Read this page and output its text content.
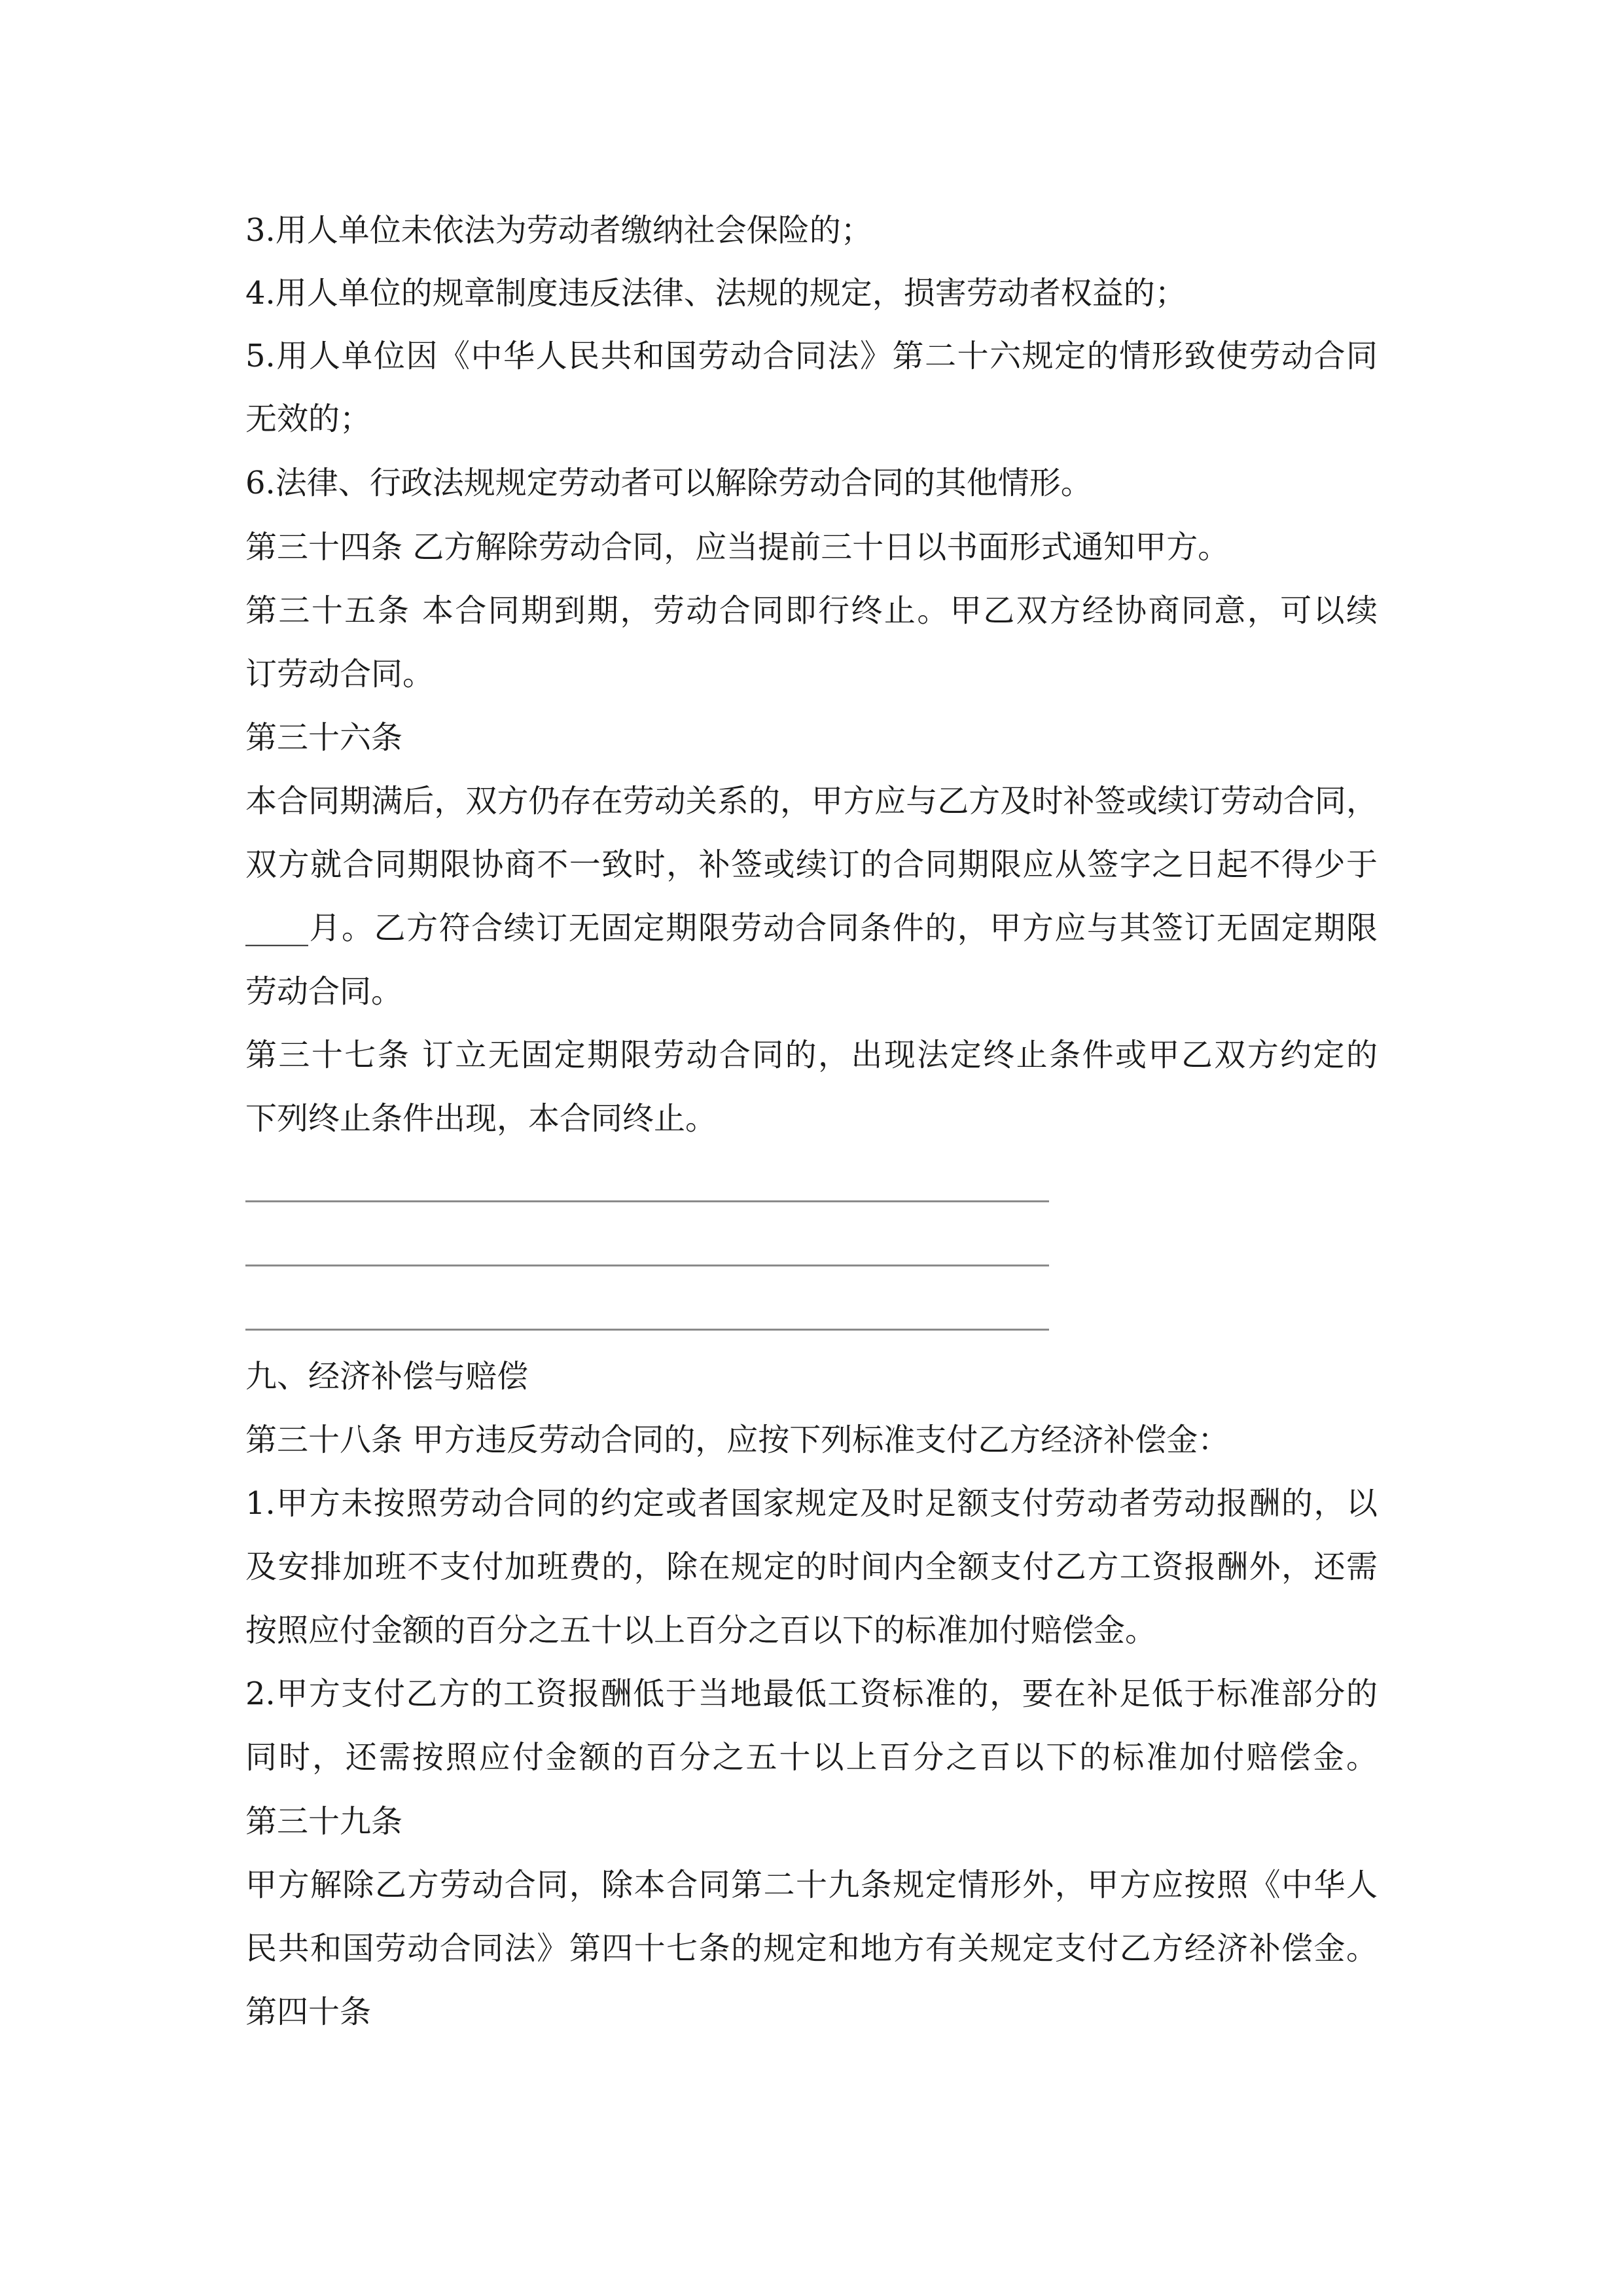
3.用人单位未依法为劳动者缴纳社会保险的；
4.用人单位的规章制度违反法律、法规的规定，损害劳动者权益的；
5.用人单位因《中华人民共和国劳动合同法》第二十六规定的情形致使劳动合同
无效的；
6.法律、行政法规规定劳动者可以解除劳动合同的其他情形。
第三十四条 乙方解除劳动合同，应当提前三十日以书面形式通知甲方。
第三十五条 本合同期到期，劳动合同即行终止。甲乙双方经协商同意，可以续
订劳动合同。
第三十六条
本合同期满后，双方仍存在劳动关系的，甲方应与乙方及时补签或续订劳动合同，
双方就合同期限协商不一致时，补签或续订的合同期限应从签字之日起不得少于
____月。乙方符合续订无固定期限劳动合同条件的，甲方应与其签订无固定期限
劳动合同。
第三十七条 订立无固定期限劳动合同的，出现法定终止条件或甲乙双方约定的
下列终止条件出现，本合同终止。
九、经济补偿与赔偿
第三十八条 甲方违反劳动合同的，应按下列标准支付乙方经济补偿金：
1.甲方未按照劳动合同的约定或者国家规定及时足额支付劳动者劳动报酬的，以
及安排加班不支付加班费的，除在规定的时间内全额支付乙方工资报酬外，还需
按照应付金额的百分之五十以上百分之百以下的标准加付赔偿金。
2.甲方支付乙方的工资报酬低于当地最低工资标准的，要在补足低于标准部分的
同时，还需按照应付金额的百分之五十以上百分之百以下的标准加付赔偿金。
第三十九条
甲方解除乙方劳动合同，除本合同第二十九条规定情形外，甲方应按照《中华人
民共和国劳动合同法》第四十七条的规定和地方有关规定支付乙方经济补偿金。
第四十条
